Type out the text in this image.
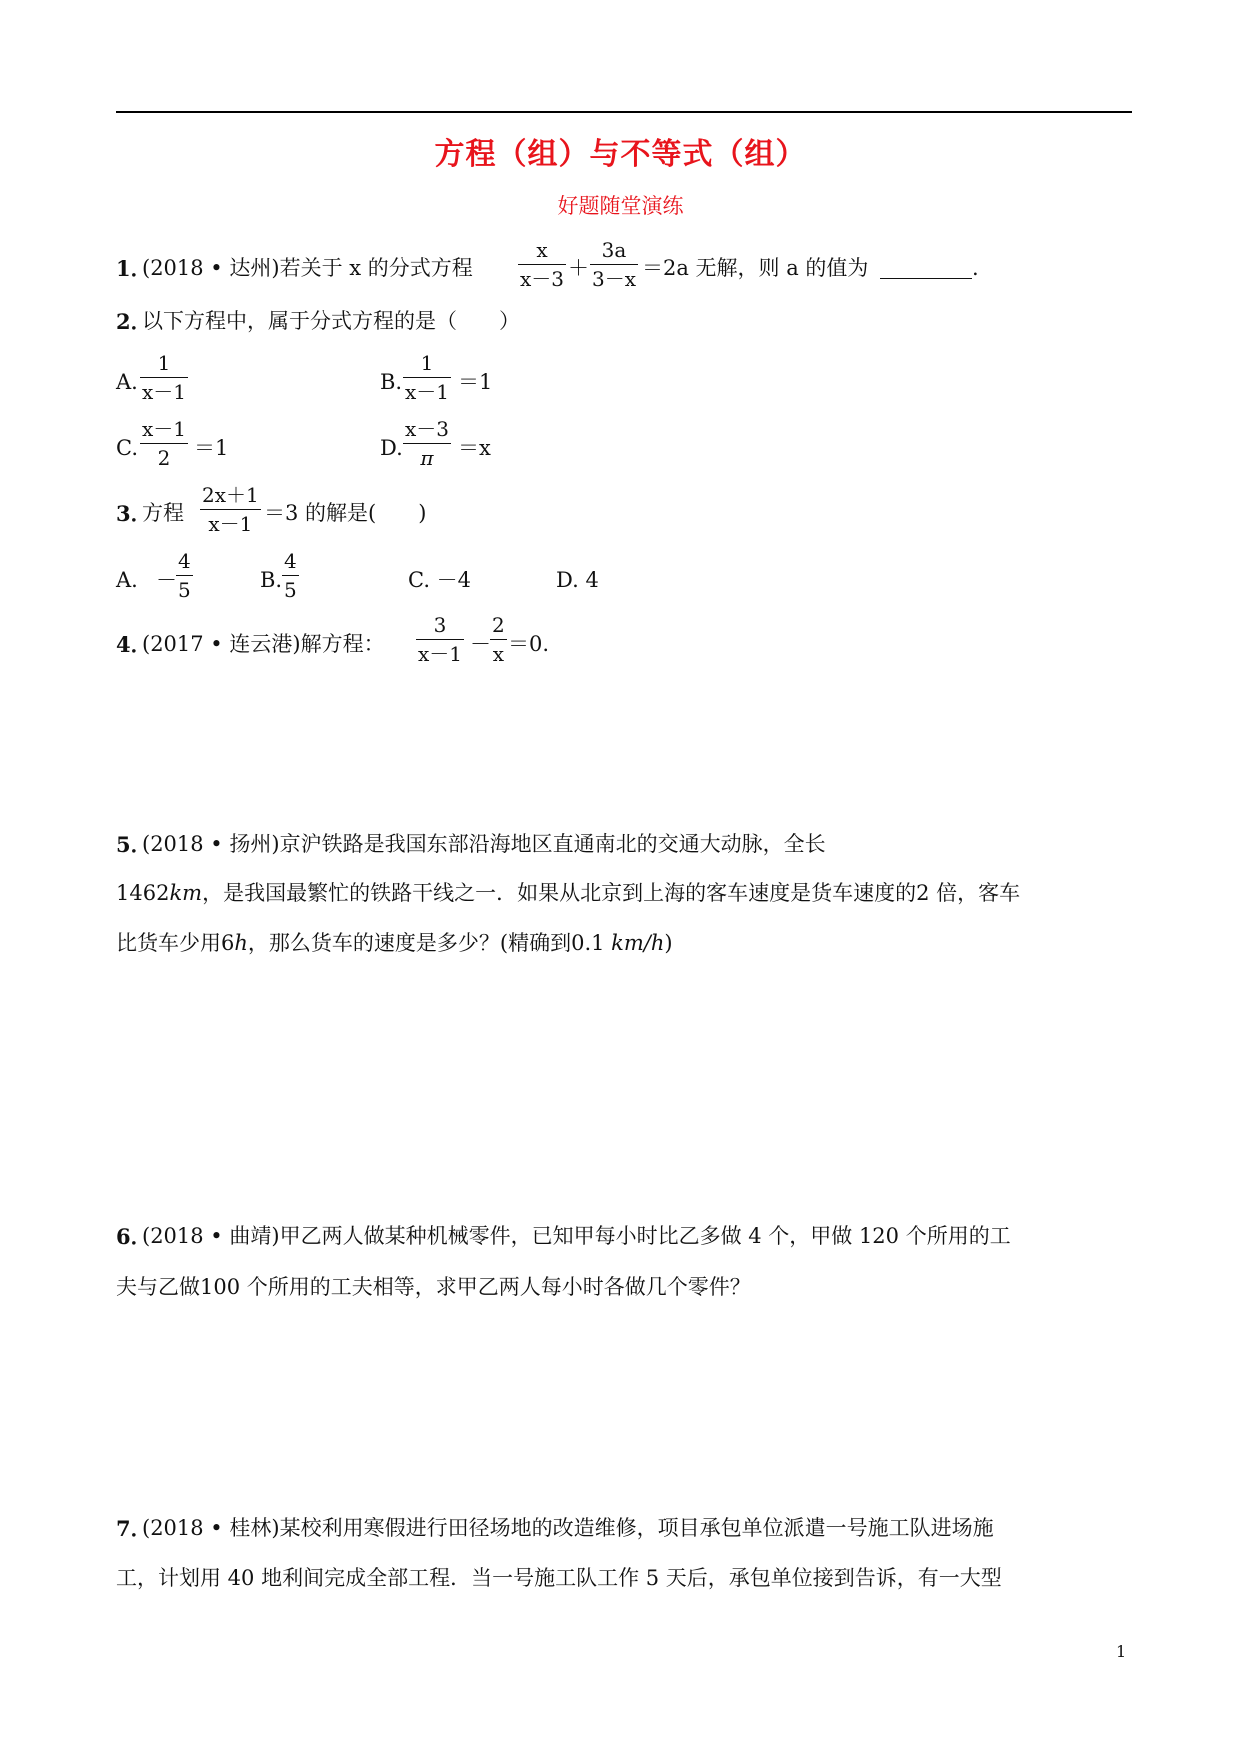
方程（组）与不等式（组）
好题随堂演练
1．
(2018 • 达州)若关于 x 的分式方程
x
x－3 ＋
3a
3－x ＝2a 无解，则 a 的值为	.
2．
以下方程中，属于分式方程的是（　　）
A.
1
x－1	B.
1
x－1 ＝1
C.
x－1
2 ＝1	D.
x－3
π ＝x
3．
方程
2x＋1
x－1 ＝3 的解是(　　)
A. －
4
5	B.
4
5	C. －4	D. 4
4．
(2017 • 连云港)解方程：
3
x－1 －
2
x ＝0.
5．
(2018 • 扬州)京沪铁路是我国东部沿海地区直通南北的交通大动脉，全长
1462km，是我国最繁忙的铁路干线之一．如果从北京到上海的客车速度是货车速度的2 倍，客车
比货车少用6h，那么货车的速度是多少？(精确到0.1 km/h)
6．
(2018 • 曲靖)甲乙两人做某种机械零件，已知甲每小时比乙多做 4 个，甲做 120 个所用的工
夫与乙做100 个所用的工夫相等，求甲乙两人每小时各做几个零件？
7．
(2018 • 桂林)某校利用寒假进行田径场地的改造维修，项目承包单位派遣一号施工队进场施
工，计划用 40 地利间完成全部工程．当一号施工队工作 5 天后，承包单位接到告诉，有一大型
1
